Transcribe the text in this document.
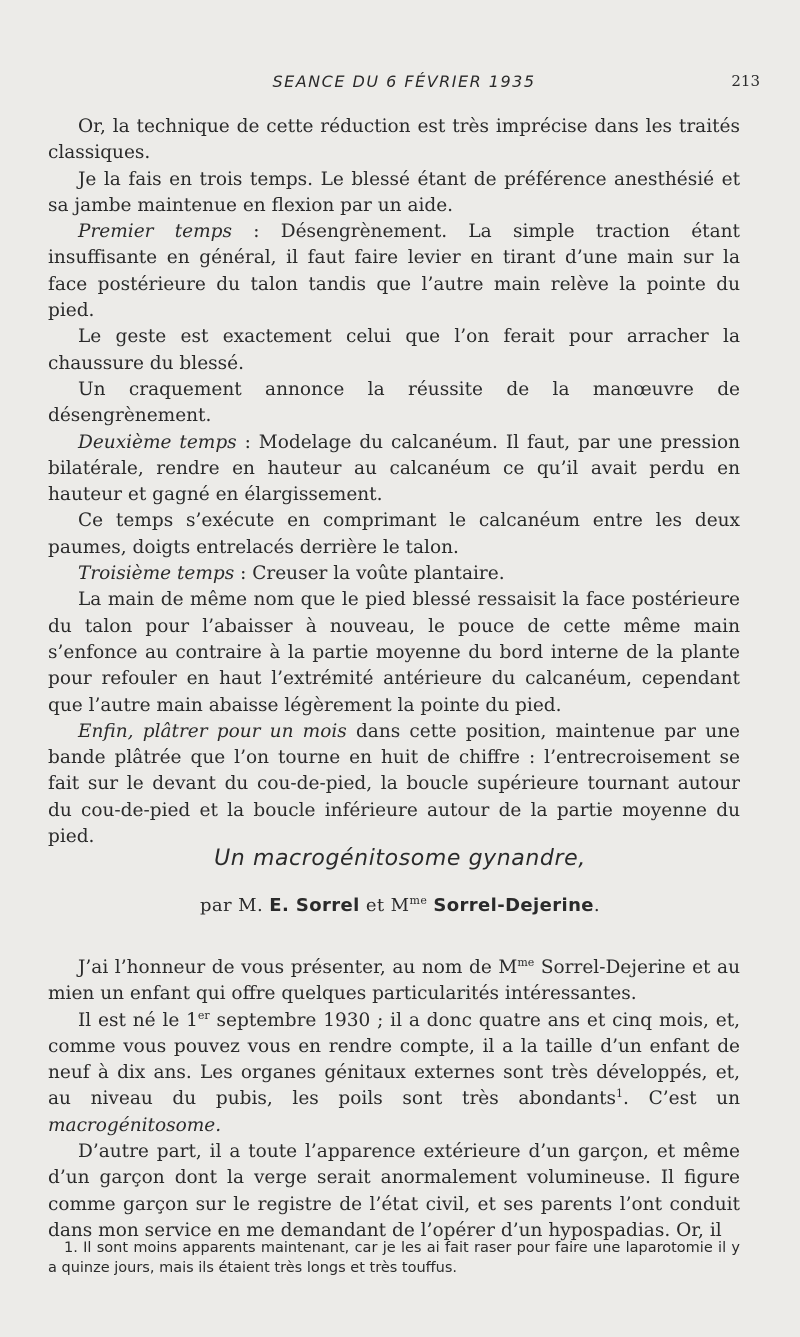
SEANCE DU 6 FÉVRIER 1935	213

Or, la technique de cette réduction est très imprécise dans les traités classiques.

Je la fais en trois temps. Le blessé étant de préférence anesthésié et sa jambe maintenue en flexion par un aide.

Premier temps : Désengrènement. La simple traction étant insuffisante en général, il faut faire levier en tirant d’une main sur la face postérieure du talon tandis que l’autre main relève la pointe du pied.

Le geste est exactement celui que l’on ferait pour arracher la chaussure du blessé.

Un craquement annonce la réussite de la manœuvre de désengrènement.

Deuxième temps : Modelage du calcanéum. Il faut, par une pression bilatérale, rendre en hauteur au calcanéum ce qu’il avait perdu en hauteur et gagné en élargissement.

Ce temps s’exécute en comprimant le calcanéum entre les deux paumes, doigts entrelacés derrière le talon.

Troisième temps : Creuser la voûte plantaire.

La main de même nom que le pied blessé ressaisit la face postérieure du talon pour l’abaisser à nouveau, le pouce de cette même main s’enfonce au contraire à la partie moyenne du bord interne de la plante pour refouler en haut l’extrémité antérieure du calcanéum, cependant que l’autre main abaisse légèrement la pointe du pied.

Enfin, plâtrer pour un mois dans cette position, maintenue par une bande plâtrée que l’on tourne en huit de chiffre : l’entrecroisement se fait sur le devant du cou-de-pied, la boucle supérieure tournant autour du cou-de-pied et la boucle inférieure autour de la partie moyenne du pied.

Un macrogénitosome gynandre,
par M. E. Sorrel et $M^{me}$ Sorrel-Dejerine.

J’ai l’honneur de vous présenter, au nom de $M^{me}$ Sorrel-Dejerine et au mien un enfant qui offre quelques particularités intéressantes.

Il est né le 1er septembre 1930 ; il a donc quatre ans et cinq mois, et, comme vous pouvez vous en rendre compte, il a la taille d’un enfant de neuf à dix ans. Les organes génitaux externes sont très développés, et, au niveau du pubis, les poils sont très abondants$^1$. C’est un macrogénitosome.

D’autre part, il a toute l’apparence extérieure d’un garçon, et même d’un garçon dont la verge serait anormalement volumineuse. Il figure comme garçon sur le registre de l’état civil, et ses parents l’ont conduit dans mon service en me demandant de l’opérer d’un hypospadias. Or, il

1. Il sont moins apparents maintenant, car je les ai fait raser pour faire une laparotomie il y a quinze jours, mais ils étaient très longs et très touffus.
